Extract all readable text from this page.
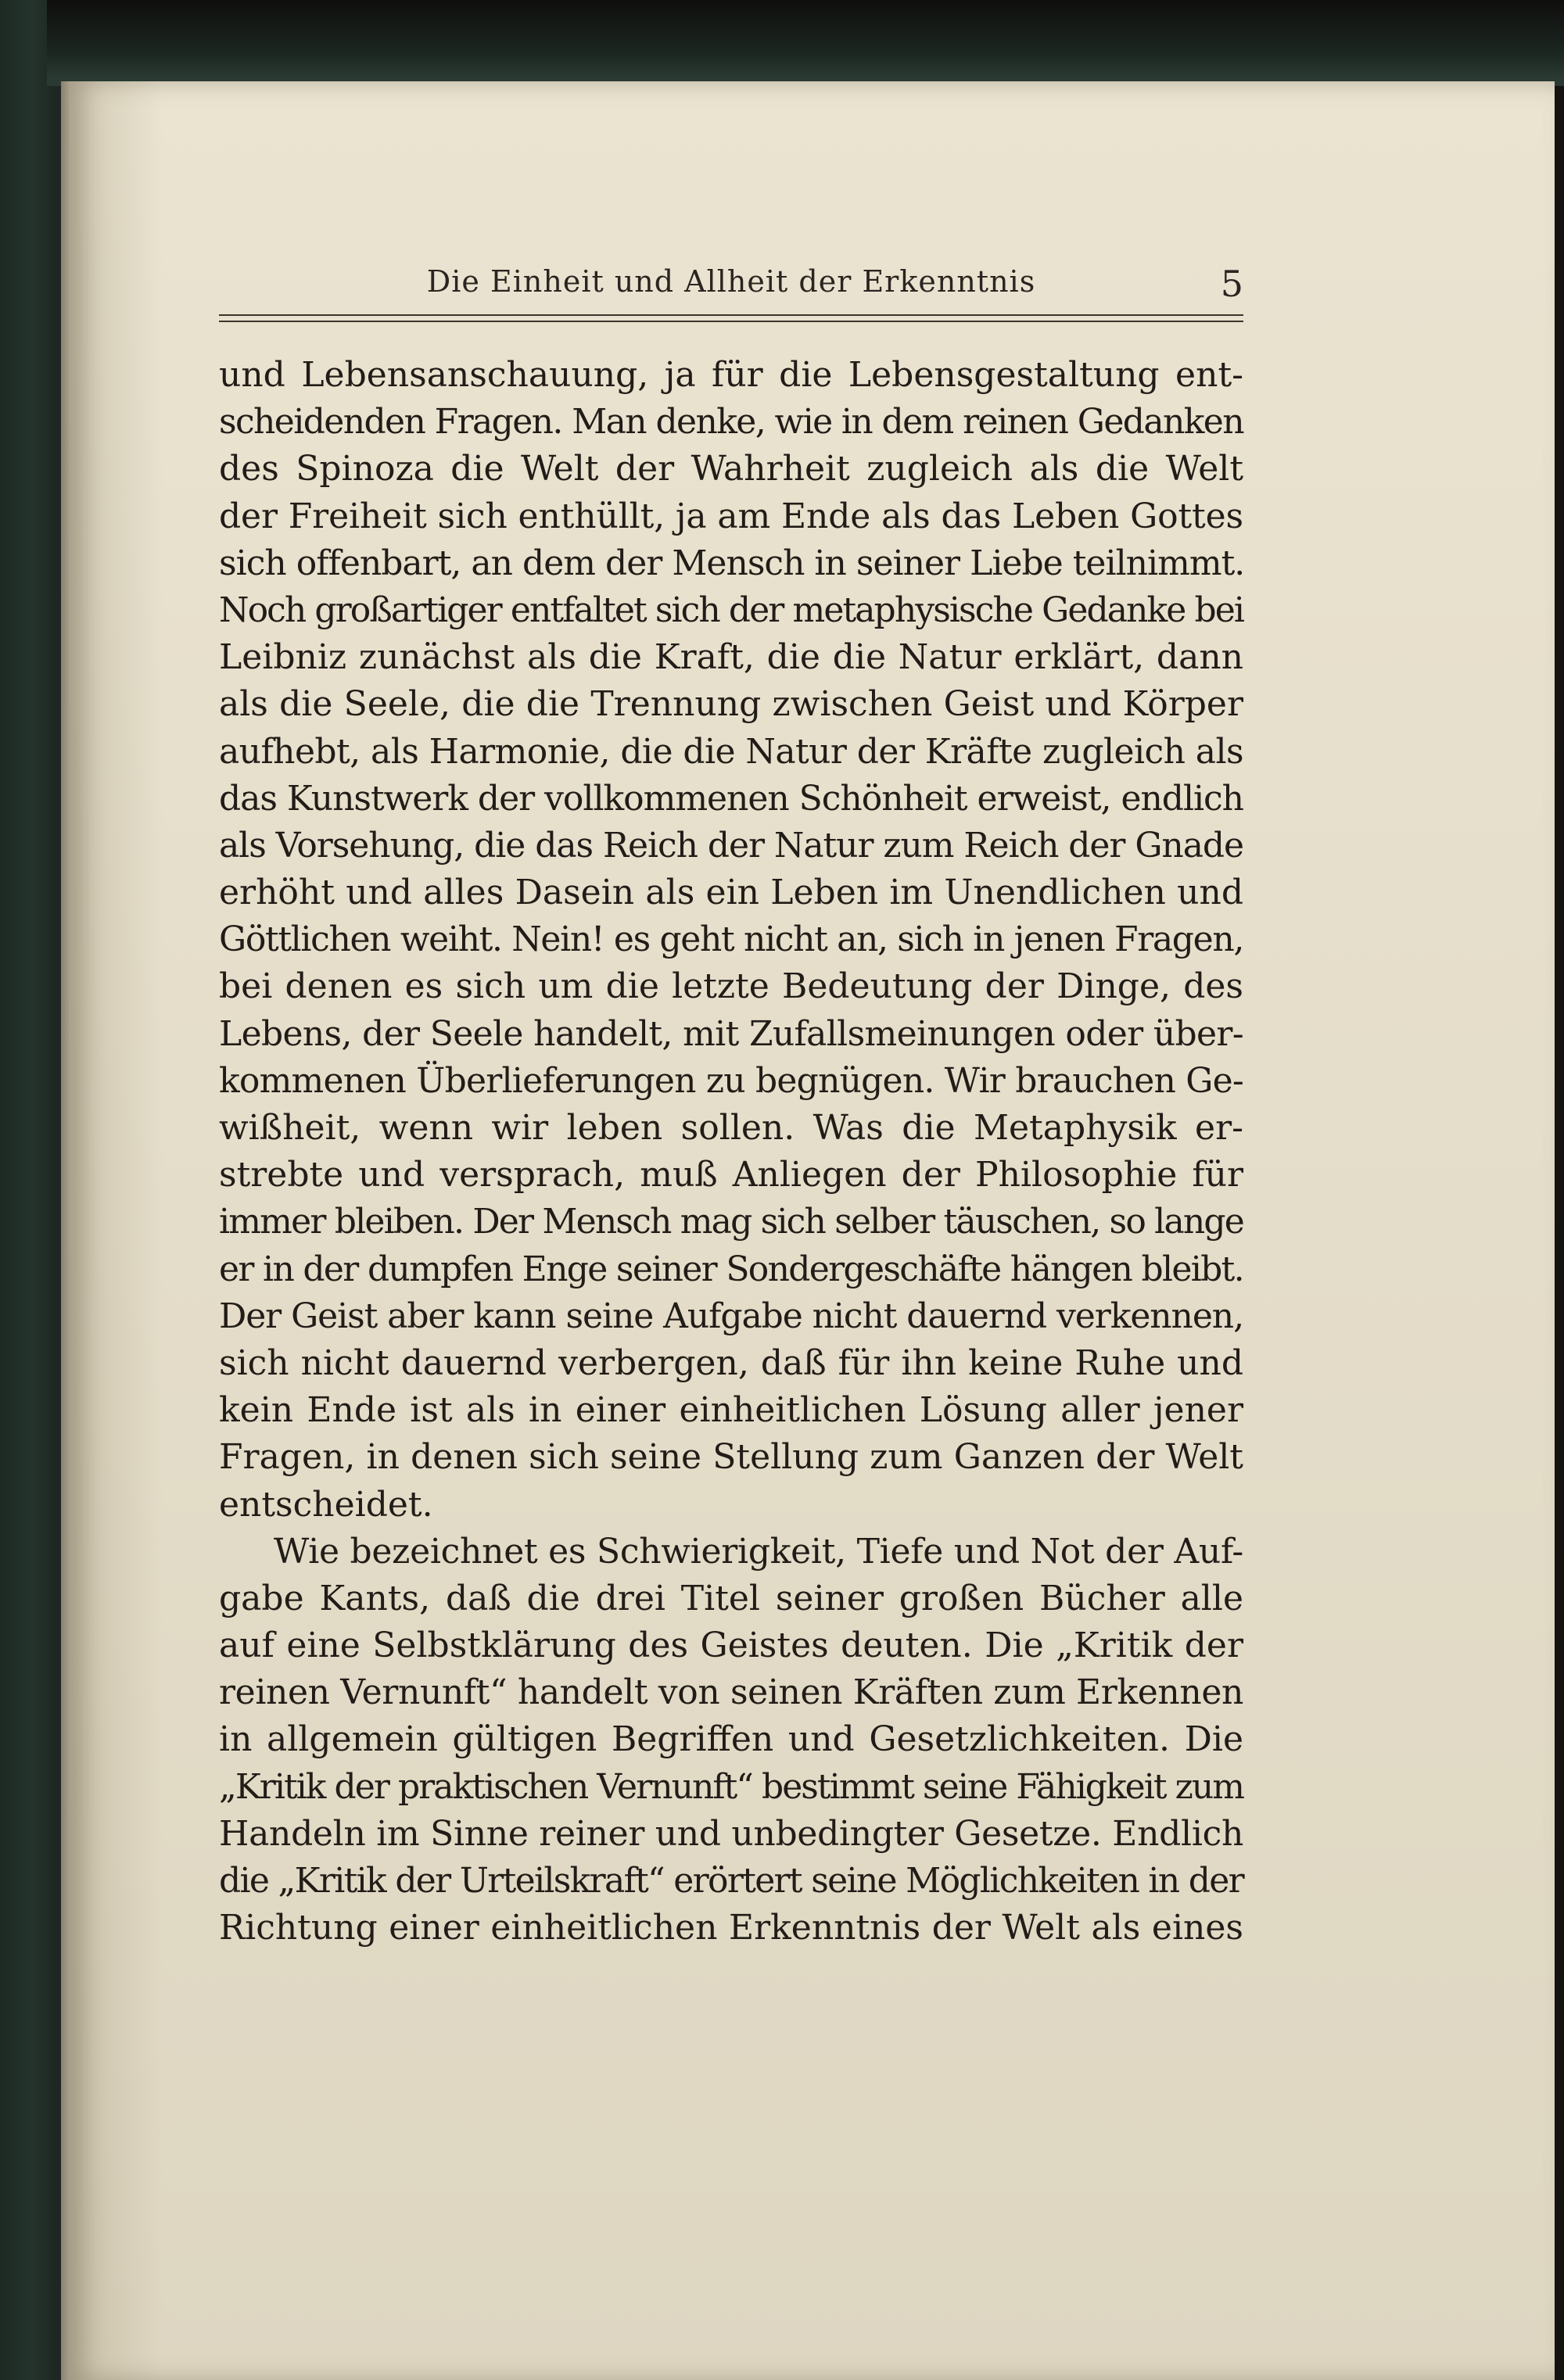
Die Einheit und Allheit der Erkenntnis	5
und Lebensanschauung, ja für die Lebensgestaltung ent-
scheidenden Fragen. Man denke, wie in dem reinen Gedanken
des Spinoza die Welt der Wahrheit zugleich als die Welt
der Freiheit sich enthüllt, ja am Ende als das Leben Gottes
sich offenbart, an dem der Mensch in seiner Liebe teilnimmt.
Noch großartiger entfaltet sich der metaphysische Gedanke bei
Leibniz zunächst als die Kraft, die die Natur erklärt, dann
als die Seele, die die Trennung zwischen Geist und Körper
aufhebt, als Harmonie, die die Natur der Kräfte zugleich als
das Kunstwerk der vollkommenen Schönheit erweist, endlich
als Vorsehung, die das Reich der Natur zum Reich der Gnade
erhöht und alles Dasein als ein Leben im Unendlichen und
Göttlichen weiht. Nein! es geht nicht an, sich in jenen Fragen,
bei denen es sich um die letzte Bedeutung der Dinge, des
Lebens, der Seele handelt, mit Zufallsmeinungen oder über-
kommenen Überlieferungen zu begnügen. Wir brauchen Ge-
wißheit, wenn wir leben sollen. Was die Metaphysik er-
strebte und versprach, muß Anliegen der Philosophie für
immer bleiben. Der Mensch mag sich selber täuschen, so lange
er in der dumpfen Enge seiner Sondergeschäfte hängen bleibt.
Der Geist aber kann seine Aufgabe nicht dauernd verkennen,
sich nicht dauernd verbergen, daß für ihn keine Ruhe und
kein Ende ist als in einer einheitlichen Lösung aller jener
Fragen, in denen sich seine Stellung zum Ganzen der Welt
entscheidet.
Wie bezeichnet es Schwierigkeit, Tiefe und Not der Auf-
gabe Kants, daß die drei Titel seiner großen Bücher alle
auf eine Selbstklärung des Geistes deuten. Die „Kritik der
reinen Vernunft“ handelt von seinen Kräften zum Erkennen
in allgemein gültigen Begriffen und Gesetzlichkeiten. Die
„Kritik der praktischen Vernunft“ bestimmt seine Fähigkeit zum
Handeln im Sinne reiner und unbedingter Gesetze. Endlich
die „Kritik der Urteilskraft“ erörtert seine Möglichkeiten in der
Richtung einer einheitlichen Erkenntnis der Welt als eines
